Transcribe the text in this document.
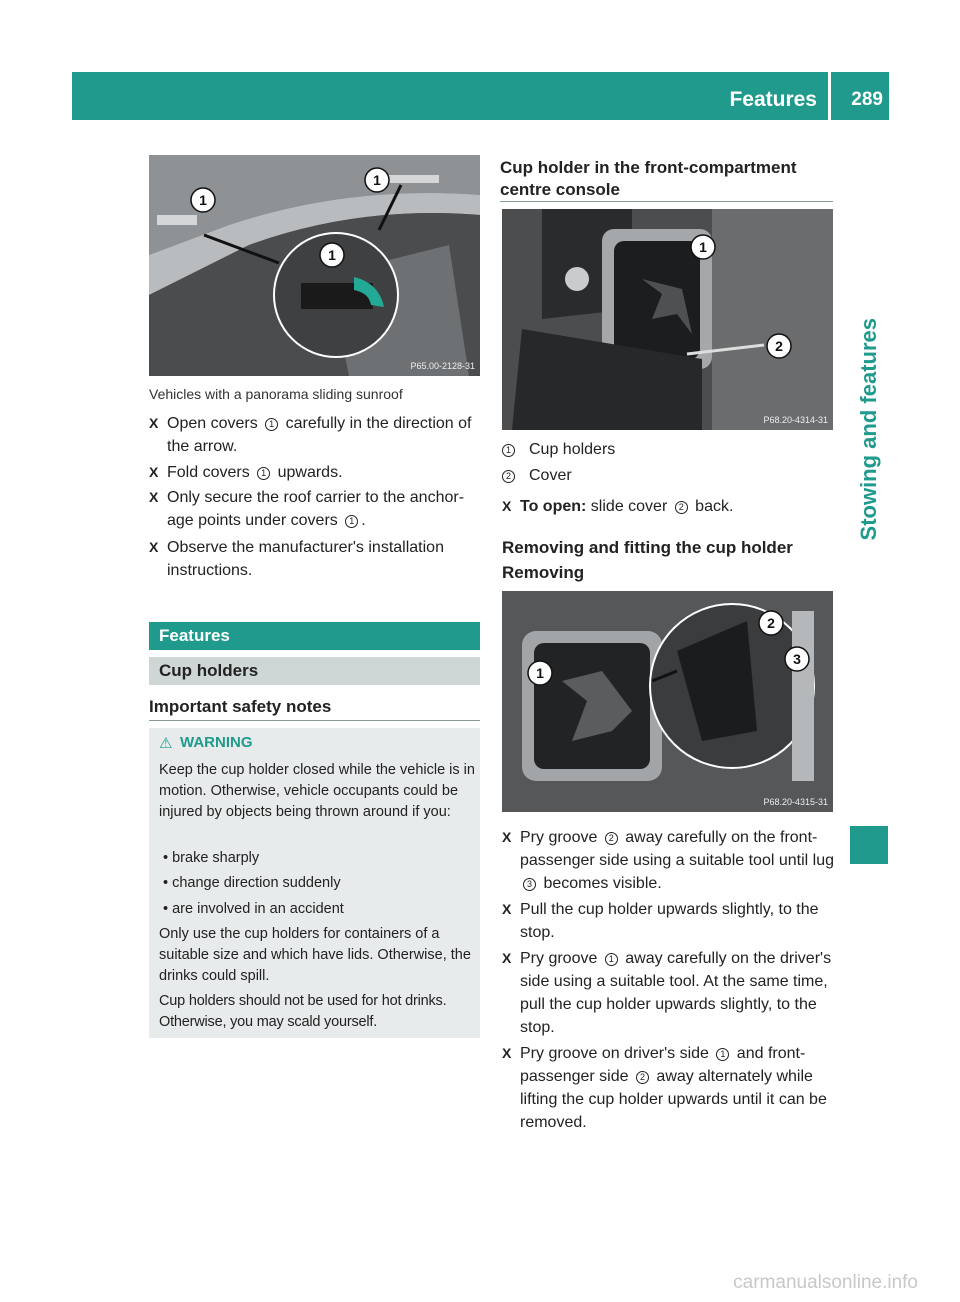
Features 289
Stowing and features
1
1
1
P65.00-2128-31
Vehicles with a panorama sliding sunroof
X Open covers 1 carefully in the direction of the arrow.
X Fold covers 1 upwards.
X Only secure the roof carrier to the anchor-age points under covers 1 .
X Observe the manufacturer's installation instructions.
Features
Cup holders
Important safety notes
⚠ WARNING

Keep the cup holder closed while the vehicle is in motion. Otherwise, vehicle occupants could be injured by objects being thrown around if you:

• brake sharply
• change direction suddenly
• are involved in an accident

Only use the cup holders for containers of a suitable size and which have lids. Otherwise, the drinks could spill.

Cup holders should not be used for hot drinks. Otherwise, you may scald yourself.

Cup holder in the front-compartment centre console
1
2
P68.20-4314-31
1 Cup holders
2 Cover
X To open: slide cover 2 back.
Removing and fitting the cup holder
Removing
1
2
3
P68.20-4315-31
X Pry groove 2 away carefully on the front-passenger side using a suitable tool until lug 3 becomes visible.
X Pull the cup holder upwards slightly, to the stop.
X Pry groove 1 away carefully on the driver's side using a suitable tool. At the same time, pull the cup holder upwards slightly, to the stop.
X Pry groove on driver's side 1 and front-passenger side 2 away alternately while lifting the cup holder upwards until it can be removed.
carmanualsonline.info
